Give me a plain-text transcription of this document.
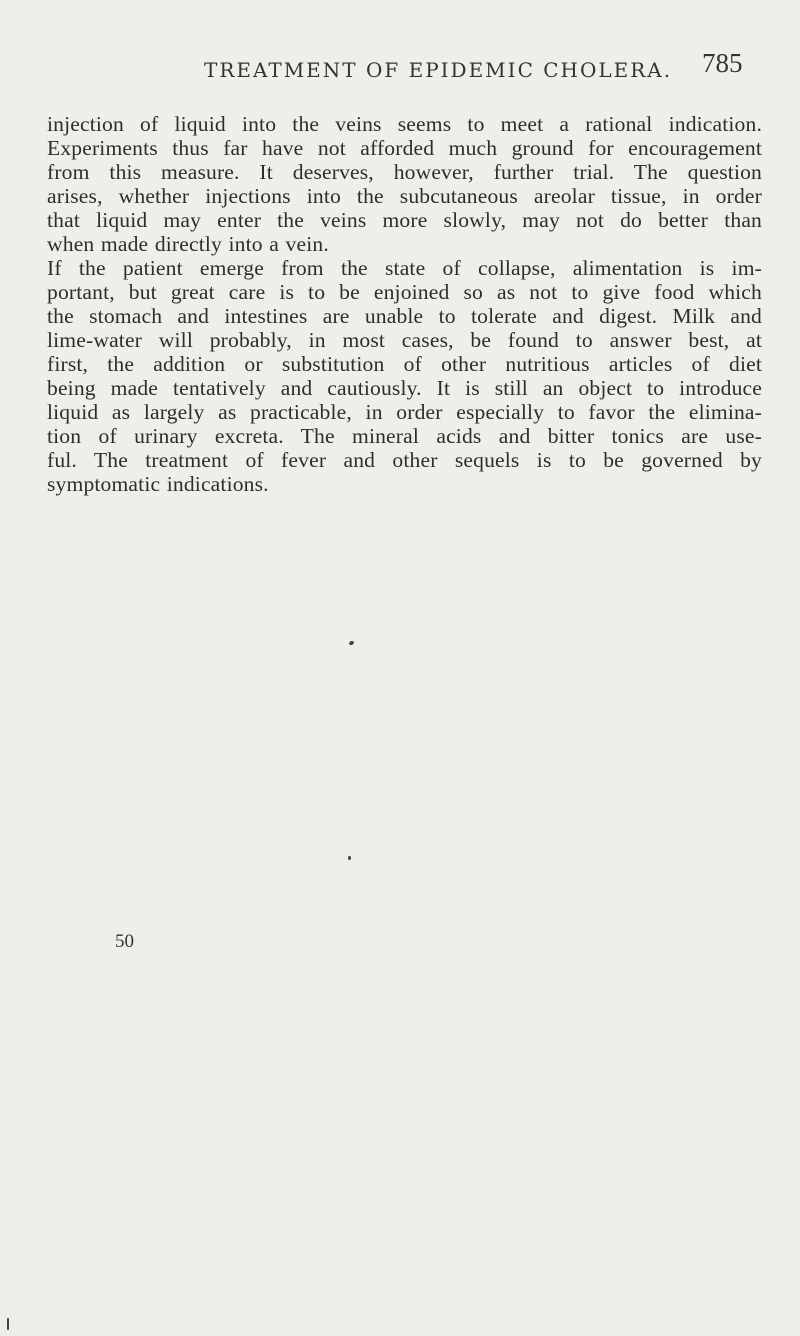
TREATMENT OF EPIDEMIC CHOLERA. 785
injection of liquid into the veins seems to meet a rational indication.
Experiments thus far have not afforded much ground for encouragement
from this measure. It deserves, however, further trial. The question
arises, whether injections into the subcutaneous areolar tissue, in order
that liquid may enter the veins more slowly, may not do better than
when made directly into a vein.
If the patient emerge from the state of collapse, alimentation is im-
portant, but great care is to be enjoined so as not to give food which
the stomach and intestines are unable to tolerate and digest. Milk and
lime-water will probably, in most cases, be found to answer best, at
first, the addition or substitution of other nutritious articles of diet
being made tentatively and cautiously. It is still an object to introduce
liquid as largely as practicable, in order especially to favor the elimina-
tion of urinary excreta. The mineral acids and bitter tonics are use-
ful. The treatment of fever and other sequels is to be governed by
symptomatic indications.
50
